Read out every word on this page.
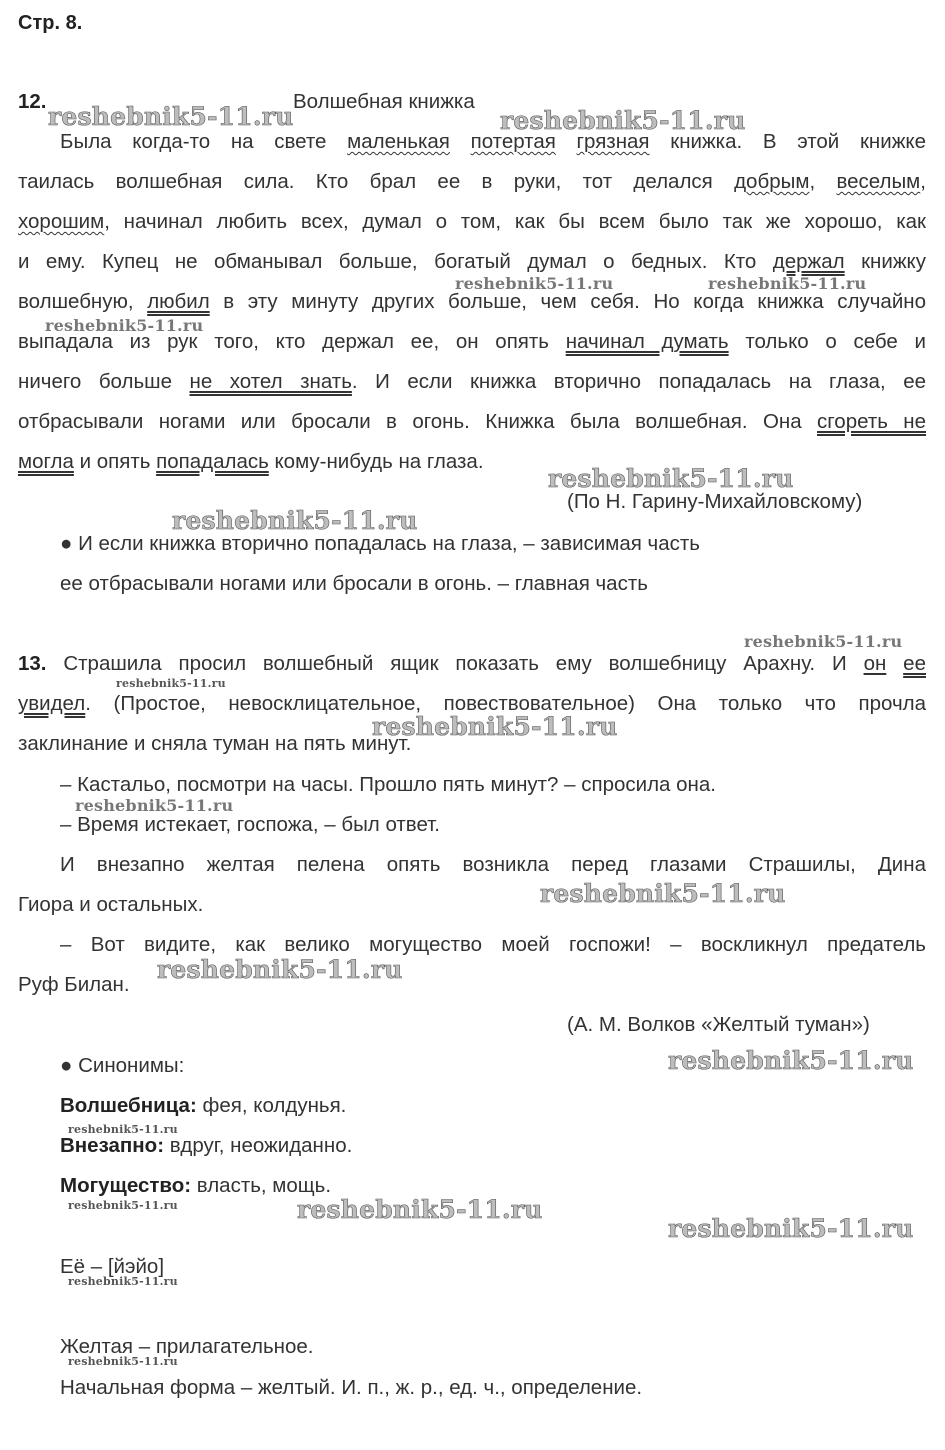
Стр. 8.
12.	Волшебная книжка
Была когда-то на свете маленькая потертая грязная книжка. В этой книжке
таилась волшебная сила. Кто брал ее в руки, тот делался добрым, веселым,
хорошим, начинал любить всех, думал о том, как бы всем было так же хорошо, как
и ему. Купец не обманывал больше, богатый думал о бедных. Кто держал книжку
волшебную, любил в эту минуту других больше, чем себя. Но когда книжка случайно
выпадала из рук того, кто держал ее, он опять начинал думать только о себе и
ничего больше не хотел знать. И если книжка вторично попадалась на глаза, ее
отбрасывали ногами или бросали в огонь. Книжка была волшебная. Она сгореть не
могла и опять попадалась кому-нибудь на глаза.
(По Н. Гарину-Михайловскому)
● И если книжка вторично попадалась на глаза, – зависимая часть
ее отбрасывали ногами или бросали в огонь. – главная часть
13. Страшила просил волшебный ящик показать ему волшебницу Арахну. И он ее
увидел. (Простое, невосклицательное, повествовательное) Она только что прочла
заклинание и сняла туман на пять минут.
– Кастальо, посмотри на часы. Прошло пять минут? – спросила она.
– Время истекает, госпожа, – был ответ.
И внезапно желтая пелена опять возникла перед глазами Страшилы, Дина
Гиора и остальных.
– Вот видите, как велико могущество моей госпожи! – воскликнул предатель
Руф Билан.
(А. М. Волков «Желтый туман»)
● Синонимы:
Волшебница: фея, колдунья.
Внезапно: вдруг, неожиданно.
Могущество: власть, мощь.
Её – [йэйо]
Желтая – прилагательное.
Начальная форма – желтый. И. п., ж. р., ед. ч., определение.
reshebnik5-11.ru	reshebnik5-11.ru
reshebnik5-11.ru	reshebnik5-11.ru
reshebnik5-11.ru
reshebnik5-11.ru
reshebnik5-11.ru
reshebnik5-11.ru
reshebnik5-11.ru
reshebnik5-11.ru
reshebnik5-11.ru
reshebnik5-11.ru
reshebnik5-11.ru
reshebnik5-11.ru
reshebnik5-11.ru
reshebnik5-11.ru	reshebnik5-11.ru
reshebnik5-11.ru
reshebnik5-11.ru
reshebnik5-11.ru
